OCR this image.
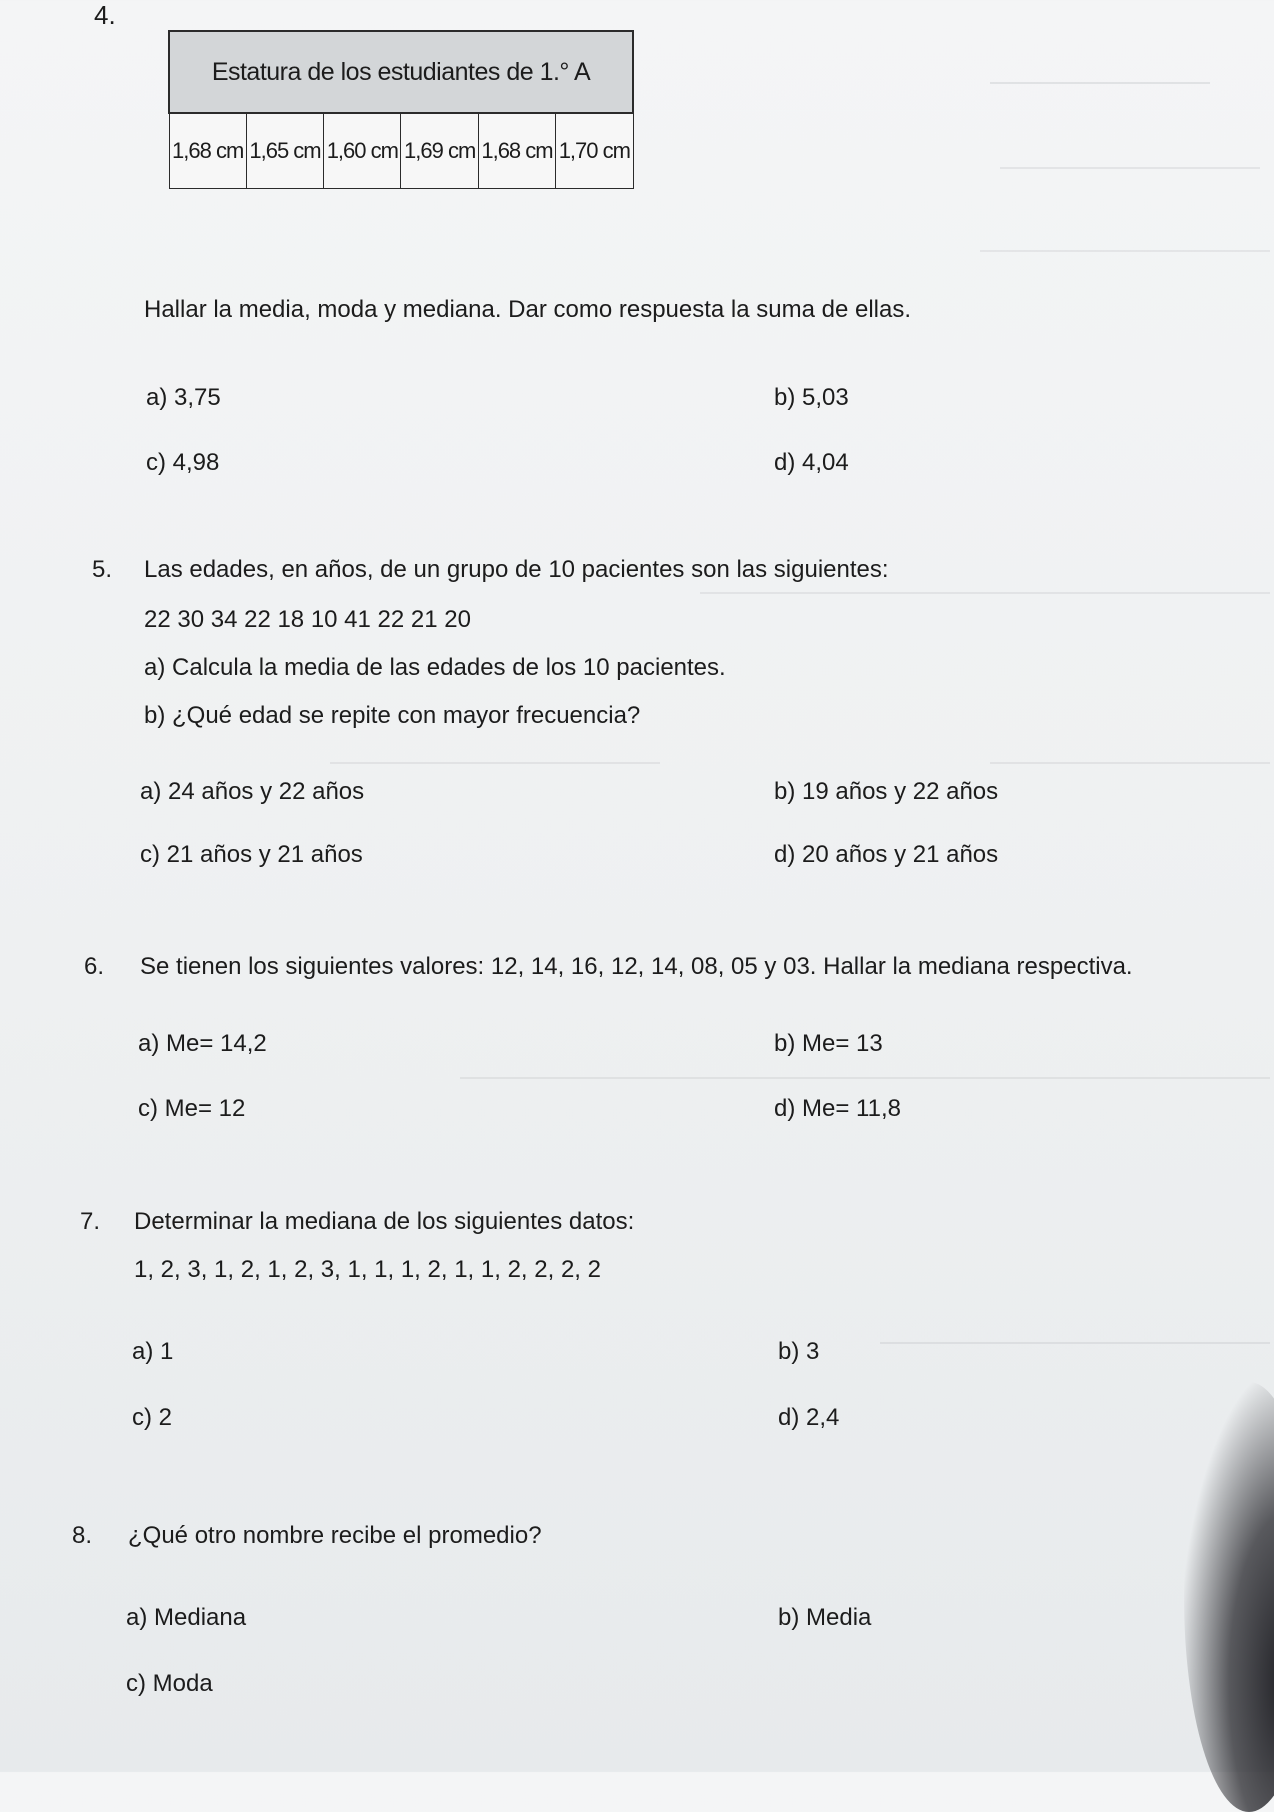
4.
Estatura de los estudiantes de 1.° A
1,68 cm	1,65 cm	1,60 cm	1,69 cm	1,68 cm	1,70 cm
Hallar la media, moda y mediana. Dar como respuesta la suma de ellas.
a) 3,75	b) 5,03
c) 4,98	d) 4,04
5. Las edades, en años, de un grupo de 10 pacientes son las siguientes:
22 30 34 22 18 10 41 22 21 20
a) Calcula la media de las edades de los 10 pacientes.
b) ¿Qué edad se repite con mayor frecuencia?
a) 24 años y 22 años	b) 19 años y 22 años
c) 21 años y 21 años	d) 20 años y 21 años
6. Se tienen los siguientes valores: 12, 14, 16, 12, 14, 08, 05 y 03. Hallar la mediana respectiva.
a) Me= 14,2	b) Me= 13
c) Me= 12	d) Me= 11,8
7. Determinar la mediana de los siguientes datos:
1, 2, 3, 1, 2, 1, 2, 3, 1, 1, 1, 2, 1, 1, 2, 2, 2, 2
a) 1	b) 3
c) 2	d) 2,4
8. ¿Qué otro nombre recibe el promedio?
a) Mediana	b) Media
c) Moda
